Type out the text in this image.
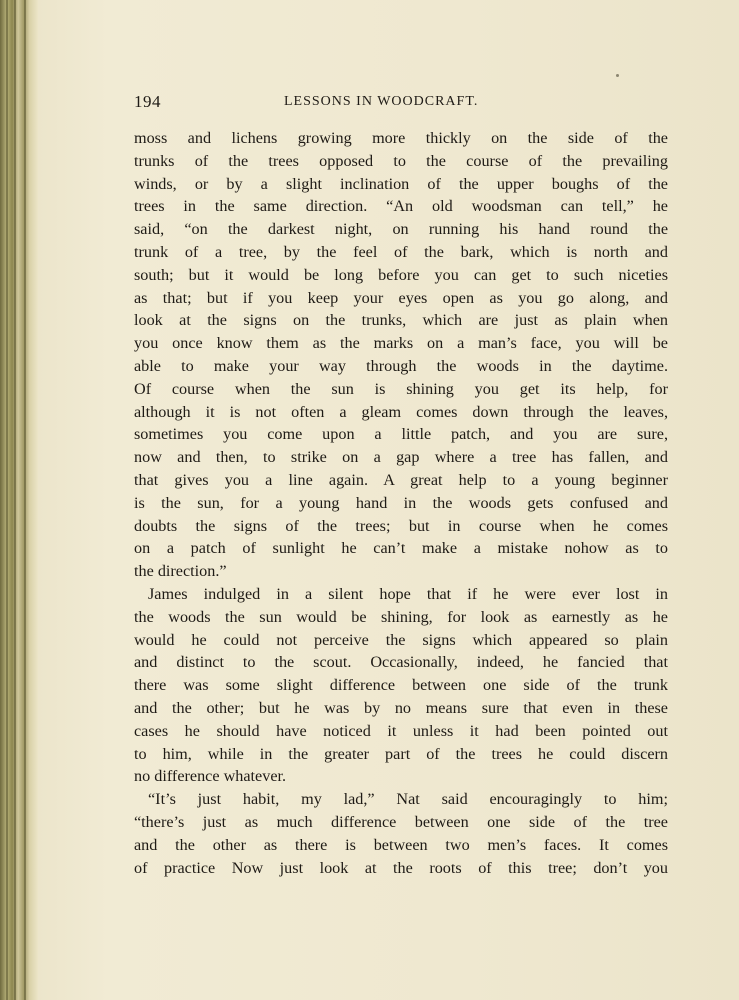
194	LESSONS IN WOODCRAFT.
moss and lichens growing more thickly on the side of the
trunks of the trees opposed to the course of the prevailing
winds, or by a slight inclination of the upper boughs of the
trees in the same direction. “An old woodsman can tell,” he
said, “on the darkest night, on running his hand round the
trunk of a tree, by the feel of the bark, which is north and
south; but it would be long before you can get to such niceties
as that; but if you keep your eyes open as you go along, and
look at the signs on the trunks, which are just as plain when
you once know them as the marks on a man’s face, you will be
able to make your way through the woods in the daytime.
Of course when the sun is shining you get its help, for
although it is not often a gleam comes down through the leaves,
sometimes you come upon a little patch, and you are sure,
now and then, to strike on a gap where a tree has fallen, and
that gives you a line again. A great help to a young beginner
is the sun, for a young hand in the woods gets confused and
doubts the signs of the trees; but in course when he comes
on a patch of sunlight he can’t make a mistake nohow as to
the direction.”
James indulged in a silent hope that if he were ever lost in
the woods the sun would be shining, for look as earnestly as he
would he could not perceive the signs which appeared so plain
and distinct to the scout. Occasionally, indeed, he fancied that
there was some slight difference between one side of the trunk
and the other; but he was by no means sure that even in these
cases he should have noticed it unless it had been pointed out
to him, while in the greater part of the trees he could discern
no difference whatever.
“It’s just habit, my lad,” Nat said encouragingly to him;
“there’s just as much difference between one side of the tree
and the other as there is between two men’s faces. It comes
of practice Now just look at the roots of this tree; don’t you
